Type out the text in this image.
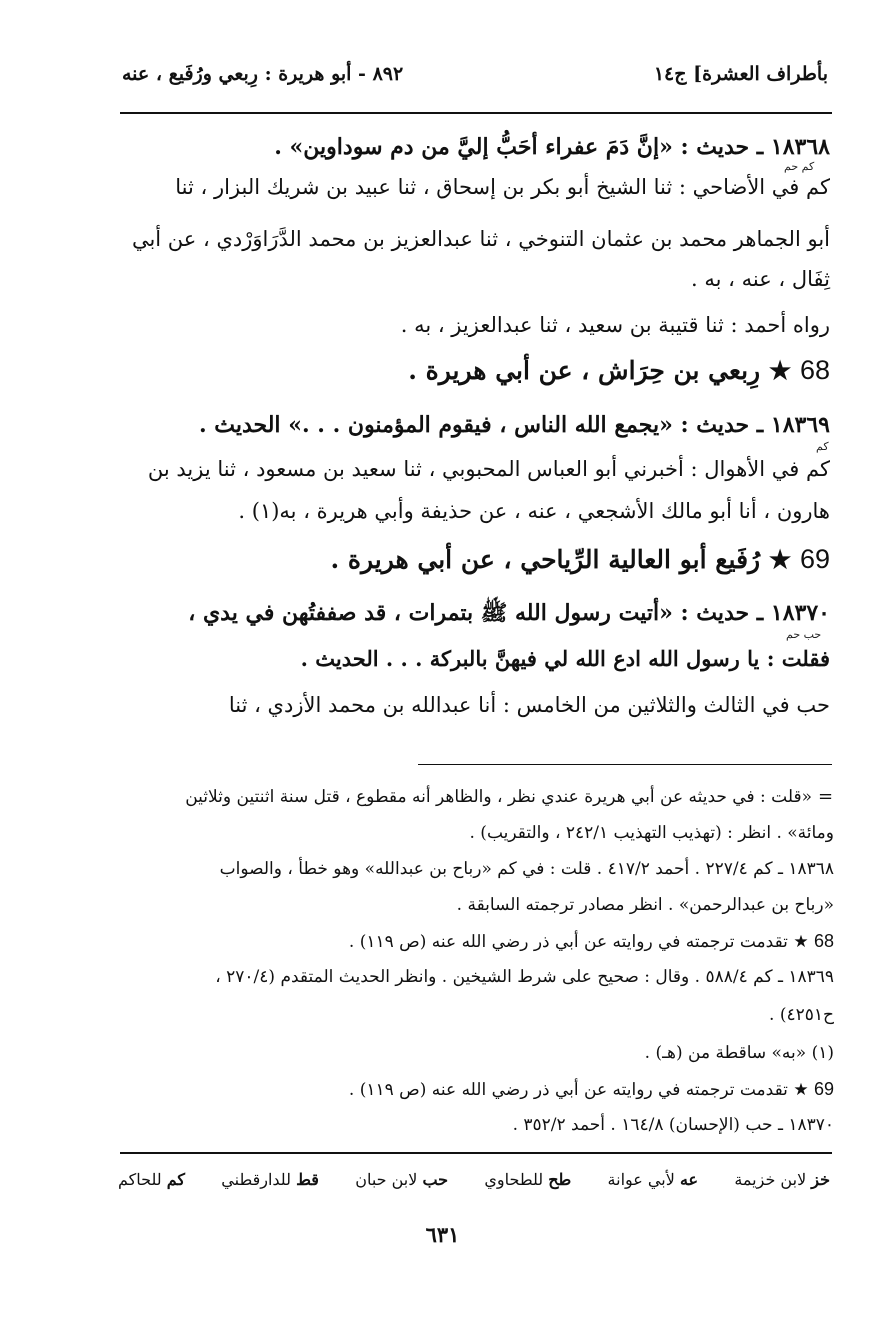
٨٩٢ - أبو هريرة : رِبعي ورُفَيع ، عنه	بأطراف العشرة] ج١٤
١٨٣٦٨ ـ حديث : «إنَّ دَمَ عفراء أحَبُّ إليَّ من دم سوداوين» .
كم حم
كم في الأضاحي : ثنا الشيخ أبو بكر بن إسحاق ، ثنا عبيد بن شريك البزار ، ثنا
أبو الجماهر محمد بن عثمان التنوخي ، ثنا عبدالعزيز بن محمد الدَّرَاوَرْدي ، عن أبي
ثِفَال ، عنه ، به .
رواه أحمد : ثنا قتيبة بن سعيد ، ثنا عبدالعزيز ، به .
68 ★ رِبعي بن حِرَاش ، عن أبي هريرة .
١٨٣٦٩ ـ حديث : «يجمع الله الناس ، فيقوم المؤمنون . . .» الحديث .
كم
كم في الأهوال : أخبرني أبو العباس المحبوبي ، ثنا سعيد بن مسعود ، ثنا يزيد بن
هارون ، أنا أبو مالك الأشجعي ، عنه ، عن حذيفة وأبي هريرة ، به(١) .
69 ★ رُفَيع أبو العالية الرِّياحي ، عن أبي هريرة .
١٨٣٧٠ ـ حديث : «أتيت رسول الله ﷺ بتمرات ، قد صففتُهن في يدي ،
حب حم
فقلت : يا رسول الله ادع الله لي فيهنَّ بالبركة . . . الحديث .
حب في الثالث والثلاثين من الخامس : أنا عبدالله بن محمد الأزدي ، ثنا
=
«قلت : في حديثه عن أبي هريرة عندي نظر ، والظاهر أنه مقطوع ، قتل سنة اثنتين وثلاثين
ومائة» . انظر : (تهذيب التهذيب ٢٤٢/١ ، والتقريب) .
١٨٣٦٨ ـ كم ٢٢٧/٤ . أحمد ٤١٧/٢ . قلت : في كم «رباح بن عبدالله» وهو خطأ ، والصواب
«رباح بن عبدالرحمن» . انظر مصادر ترجمته السابقة .
68 ★ تقدمت ترجمته في روايته عن أبي ذر رضي الله عنه (ص ١١٩) .
١٨٣٦٩ ـ كم ٥٨٨/٤ . وقال : صحيح على شرط الشيخين . وانظر الحديث المتقدم (٢٧٠/٤ ،
ح٤٢٥١) .
(١) «به» ساقطة من (هـ) .
69 ★ تقدمت ترجمته في روايته عن أبي ذر رضي الله عنه (ص ١١٩) .
١٨٣٧٠ ـ حب (الإحسان) ١٦٤/٨ . أحمد ٣٥٢/٢ .
خز لابن خزيمة
عه لأبي عوانة
طح للطحاوي
حب لابن حبان
قط للدارقطني
كم للحاكم
٦٣١
